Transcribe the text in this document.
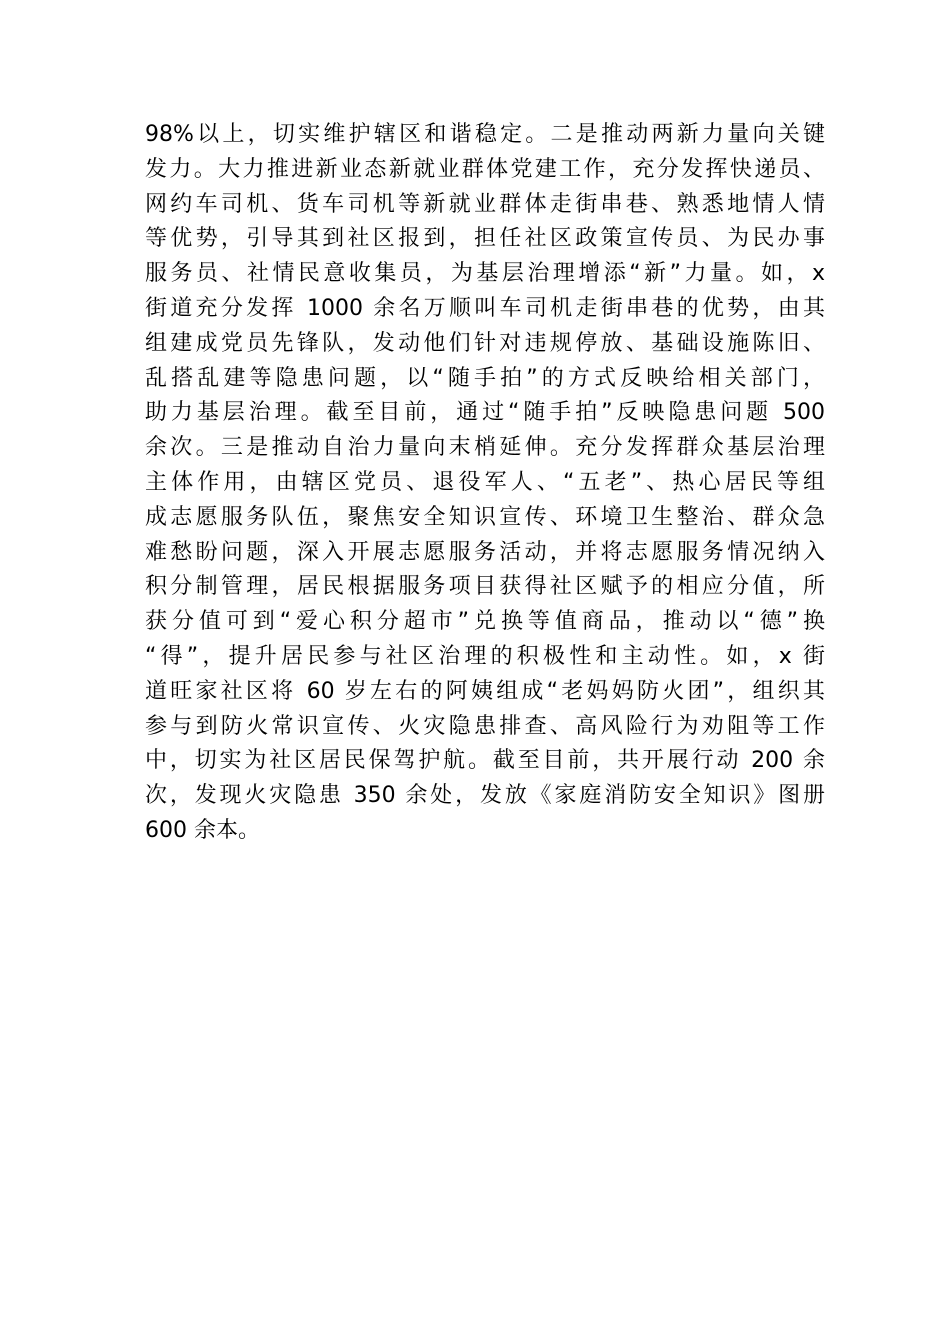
98%以上，切实维护辖区和谐稳定。二是推动两新力量向关键
发力。大力推进新业态新就业群体党建工作，充分发挥快递员、
网约车司机、货车司机等新就业群体走街串巷、熟悉地情人情
等优势，引导其到社区报到，担任社区政策宣传员、为民办事
服务员、社情民意收集员，为基层治理增添“新”力量。如，x
街道充分发挥 1000 余名万顺叫车司机走街串巷的优势，由其
组建成党员先锋队，发动他们针对违规停放、基础设施陈旧、
乱搭乱建等隐患问题，以“随手拍”的方式反映给相关部门，
助力基层治理。截至目前，通过“随手拍”反映隐患问题 500
余次。三是推动自治力量向末梢延伸。充分发挥群众基层治理
主体作用，由辖区党员、退役军人、“五老”、热心居民等组
成志愿服务队伍，聚焦安全知识宣传、环境卫生整治、群众急
难愁盼问题，深入开展志愿服务活动，并将志愿服务情况纳入
积分制管理，居民根据服务项目获得社区赋予的相应分值，所
获分值可到“爱心积分超市”兑换等值商品，推动以“德”换
“得”，提升居民参与社区治理的积极性和主动性。如，x 街
道旺家社区将 60 岁左右的阿姨组成“老妈妈防火团”，组织其
参与到防火常识宣传、火灾隐患排查、高风险行为劝阻等工作
中，切实为社区居民保驾护航。截至目前，共开展行动 200 余
次，发现火灾隐患 350 余处，发放《家庭消防安全知识》图册
600 余本。
